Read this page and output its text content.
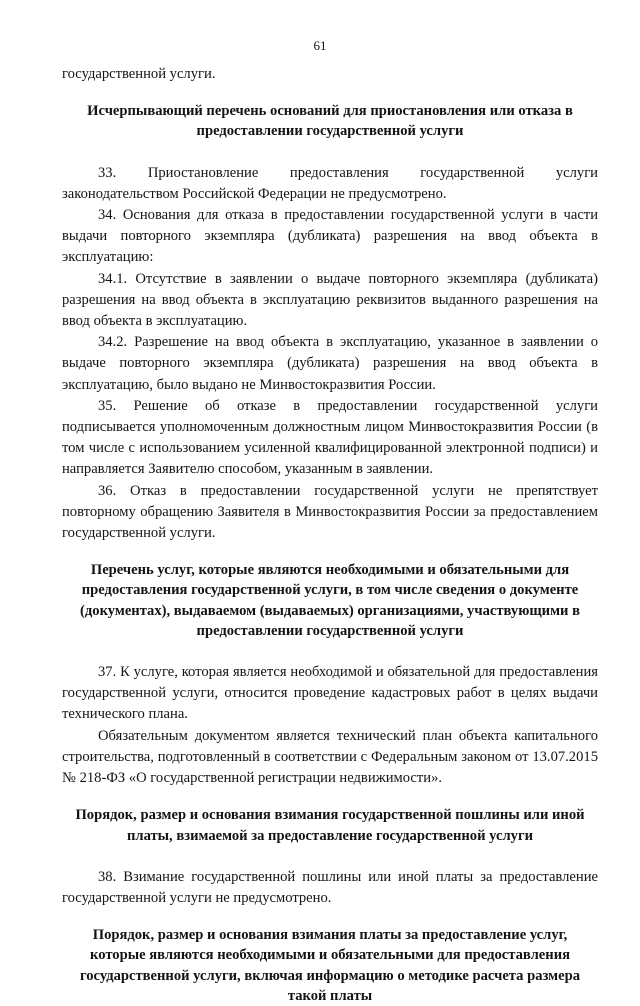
61

государственной услуги.

Исчерпывающий перечень оснований для приостановления или отказа в предоставлении государственной услуги

33. Приостановление предоставления государственной услуги законодательством Российской Федерации не предусмотрено.

34. Основания для отказа в предоставлении государственной услуги в части выдачи повторного экземпляра (дубликата) разрешения на ввод объекта в эксплуатацию:

34.1. Отсутствие в заявлении о выдаче повторного экземпляра (дубликата) разрешения на ввод объекта в эксплуатацию реквизитов выданного разрешения на ввод объекта в эксплуатацию.

34.2. Разрешение на ввод объекта в эксплуатацию, указанное в заявлении о выдаче повторного экземпляра (дубликата) разрешения на ввод объекта в эксплуатацию, было выдано не Минвостокразвития России.

35. Решение об отказе в предоставлении государственной услуги подписывается уполномоченным должностным лицом Минвостокразвития России (в том числе с использованием усиленной квалифицированной электронной подписи) и направляется Заявителю способом, указанным в заявлении.

36. Отказ в предоставлении государственной услуги не препятствует повторному обращению Заявителя в Минвостокразвития России за предоставлением государственной услуги.

Перечень услуг, которые являются необходимыми и обязательными для предоставления государственной услуги, в том числе сведения о документе (документах), выдаваемом (выдаваемых) организациями, участвующими в предоставлении государственной услуги

37. К услуге, которая является необходимой и обязательной для предоставления государственной услуги, относится проведение кадастровых работ в целях выдачи технического плана.

Обязательным документом является технический план объекта капитального строительства, подготовленный в соответствии с Федеральным законом от 13.07.2015 № 218-ФЗ «О государственной регистрации недвижимости».

Порядок, размер и основания взимания государственной пошлины или иной платы, взимаемой за предоставление государственной услуги

38. Взимание государственной пошлины или иной платы за предоставление государственной услуги не предусмотрено.

Порядок, размер и основания взимания платы за предоставление услуг, которые являются необходимыми и обязательными для предоставления государственной услуги, включая информацию о методике расчета размера такой платы
